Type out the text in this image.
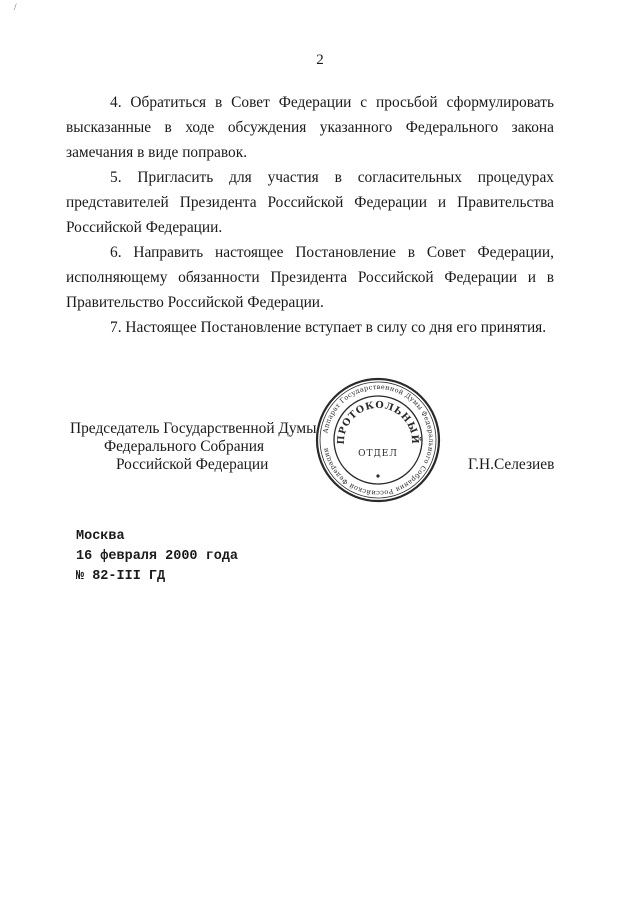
/
2

4. Обратиться в Совет Федерации с просьбой сформулировать высказанные в ходе обсуждения указанного Федерального закона замечания в виде поправок.

5. Пригласить для участия в согласительных процедурах представителей Президента Российской Федерации и Правительства Российской Федерации.

6. Направить настоящее Постановление в Совет Федерации, исполняющему обязанности Президента Российской Федерации и в Правительство Российской Федерации.

7. Настоящее Постановление вступает в силу со дня его принятия.

Председатель Государственной Думы
Федерального Собрания
Российской Федерации
Аппарат Государственной Думы Федерального Собрания Российской Федерации
ПРОТОКОЛЬНЫЙ
ОТДЕЛ
Г.Н.Селезиев
Москва
16 февраля 2000 года
№ 82-III ГД
